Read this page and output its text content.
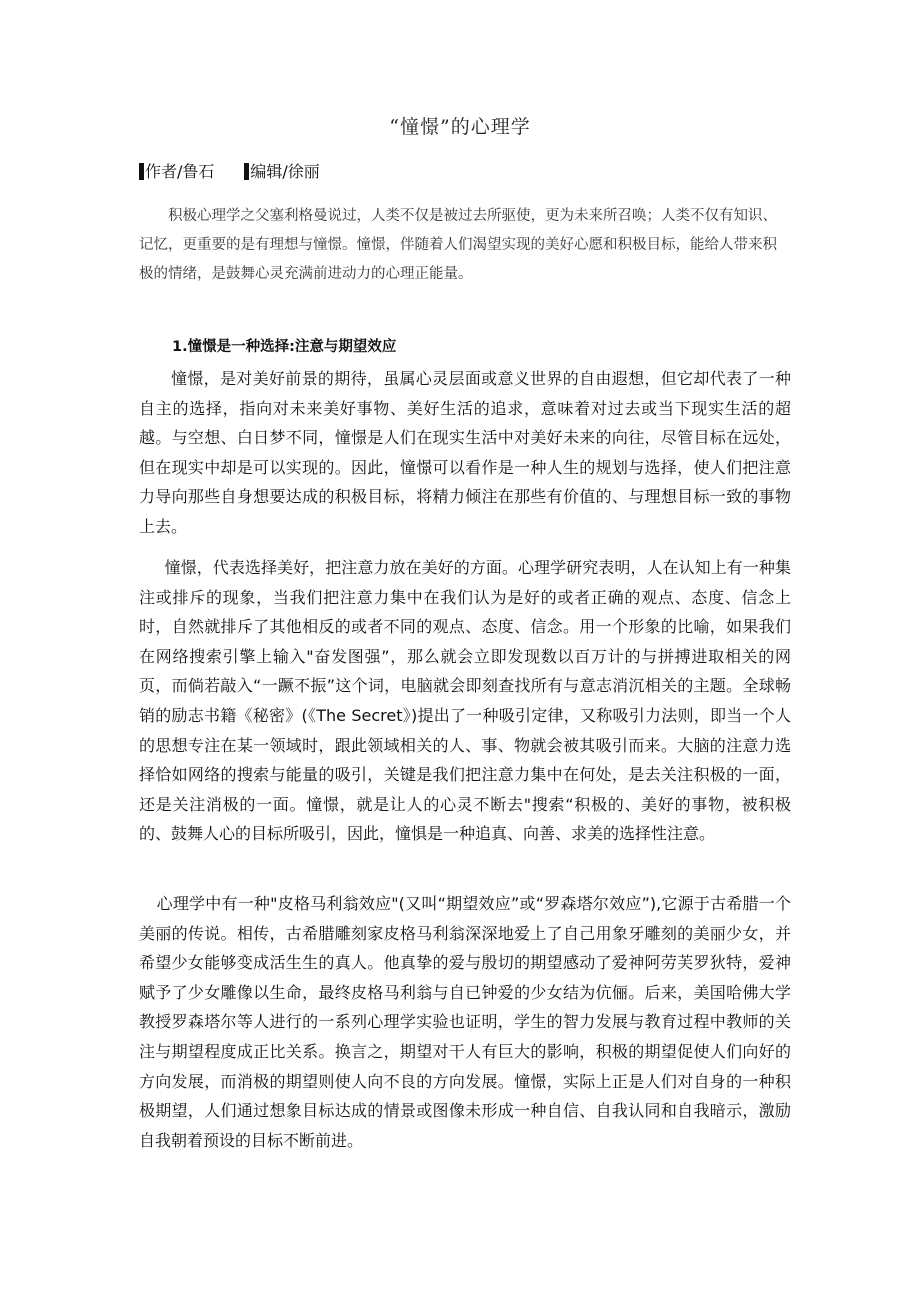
“憧憬”的心理学
作者/鲁石 编辑/徐丽

积极心理学之父塞利格曼说过，人类不仅是被过去所驱使，更为未来所召唤；人类不仅有知识、记忆，更重要的是有理想与憧憬。憧憬，伴随着人们渴望实现的美好心愿和积极目标，能给人带来积极的情绪，是鼓舞心灵充满前进动力的心理正能量。

1.憧憬是一种选择:注意与期望效应

憧憬，是对美好前景的期待，虽属心灵层面或意义世界的自由遐想，但它却代表了一种自主的选择，指向对未来美好事物、美好生活的追求，意味着对过去或当下现实生活的超越。与空想、白日梦不同，憧憬是人们在现实生活中对美好未来的向往，尽管目标在远处，但在现实中却是可以实现的。因此，憧憬可以看作是一种人生的规划与选择，使人们把注意力导向那些自身想要达成的积极目标，将精力倾注在那些有价值的、与理想目标一致的事物上去。

憧憬，代表选择美好，把注意力放在美好的方面。心理学研究表明，人在认知上有一种集注或排斥的现象，当我们把注意力集中在我们认为是好的或者正确的观点、态度、信念上时，自然就排斥了其他相反的或者不同的观点、态度、信念。用一个形象的比喻，如果我们在网络搜索引擎上输入"奋发图强”，那么就会立即发现数以百万计的与拼搏进取相关的网页，而倘若敲入“一蹶不振”这个词，电脑就会即刻查找所有与意志消沉相关的主题。全球畅销的励志书籍《秘密》(《The Secret》)提出了一种吸引定律，又称吸引力法则，即当一个人的思想专注在某一领域时，跟此领域相关的人、事、物就会被其吸引而来。大脑的注意力选择恰如网络的搜索与能量的吸引，关键是我们把注意力集中在何处，是去关注积极的一面，还是关注消极的一面。憧憬，就是让人的心灵不断去"搜索“积极的、美好的事物，被积极的、鼓舞人心的目标所吸引，因此，憧惧是一种追真、向善、求美的选择性注意。

心理学中有一种"皮格马利翁效应"(又叫“期望效应”或“罗森塔尔效应”),它源于古希腊一个美丽的传说。相传，古希腊雕刻家皮格马利翁深深地爱上了自己用象牙雕刻的美丽少女，并希望少女能够变成活生生的真人。他真挚的爱与殷切的期望感动了爱神阿劳芙罗狄特，爱神赋予了少女雕像以生命，最终皮格马利翁与自已钟爱的少女结为伉俪。后来，美国哈佛大学教授罗森塔尔等人进行的一系列心理学实验也证明，学生的智力发展与教育过程中教师的关注与期望程度成正比关系。换言之，期望对干人有巨大的影响，积极的期望促使人们向好的方向发展，而消极的期望则使人向不良的方向发展。憧憬，实际上正是人们对自身的一种积极期望，人们通过想象目标达成的情景或图像未形成一种自信、自我认同和自我暗示，激励自我朝着预设的目标不断前进。
